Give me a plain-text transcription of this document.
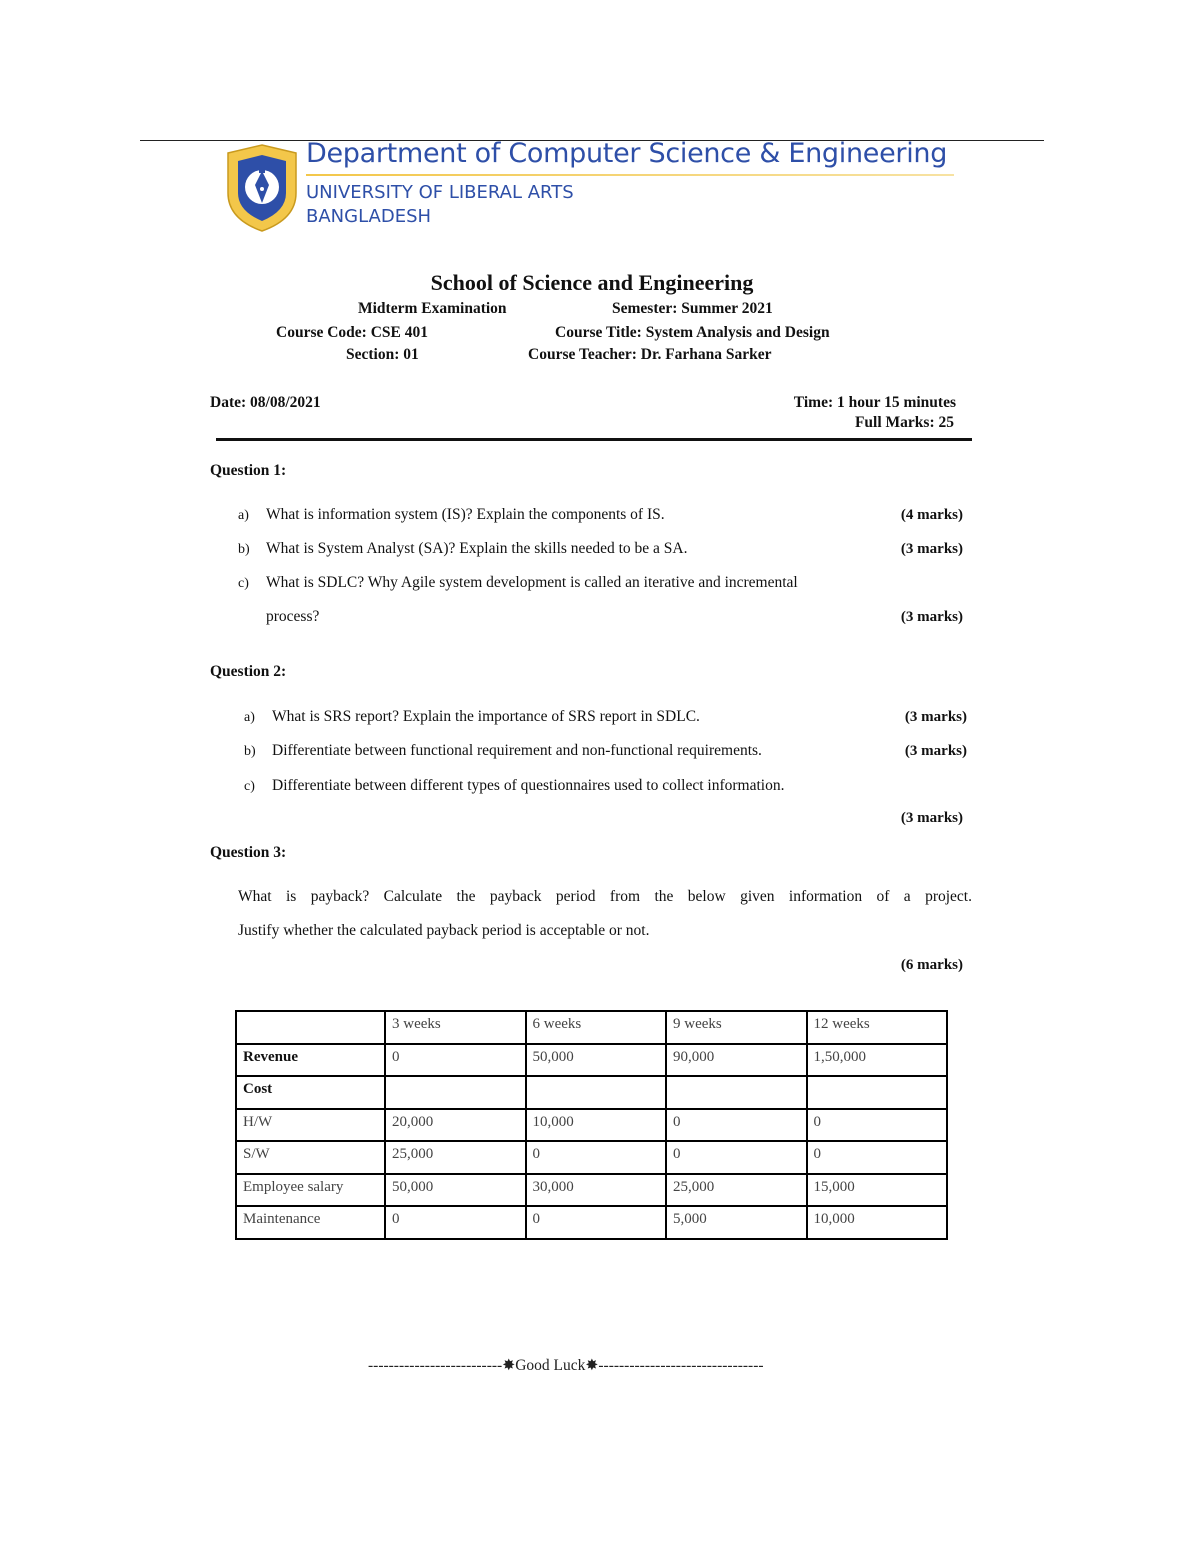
Department of Computer Science & Engineering
UNIVERSITY OF LIBERAL ARTS
BANGLADESH
School of Science and Engineering
Midterm Examination	Semester: Summer 2021
Course Code: CSE 401	Course Title: System Analysis and Design
Section: 01	Course Teacher: Dr. Farhana Sarker
Date: 08/08/2021	Time: 1 hour 15 minutes
Full Marks: 25
Question 1:
a) What is information system (IS)? Explain the components of IS.	(4 marks)
b) What is System Analyst (SA)? Explain the skills needed to be a SA.	(3 marks)
c) What is SDLC? Why Agile system development is called an iterative and incremental
process?	(3 marks)
Question 2:
a) What is SRS report? Explain the importance of SRS report in SDLC.	(3 marks)
b) Differentiate between functional requirement and non-functional requirements.	(3 marks)
c) Differentiate between different types of questionnaires used to collect information.
(3 marks)
Question 3:
What is payback? Calculate the payback period from the below given information of a project.
Justify whether the calculated payback period is acceptable or not.
(6 marks)
	3 weeks	6 weeks	9 weeks	12 weeks
Revenue	0	50,000	90,000	1,50,000
Cost				
H/W	20,000	10,000	0	0
S/W	25,000	0	0	0
Employee salary	50,000	30,000	25,000	15,000
Maintenance	0	0	5,000	10,000
--------------------------✸Good Luck✸--------------------------------
